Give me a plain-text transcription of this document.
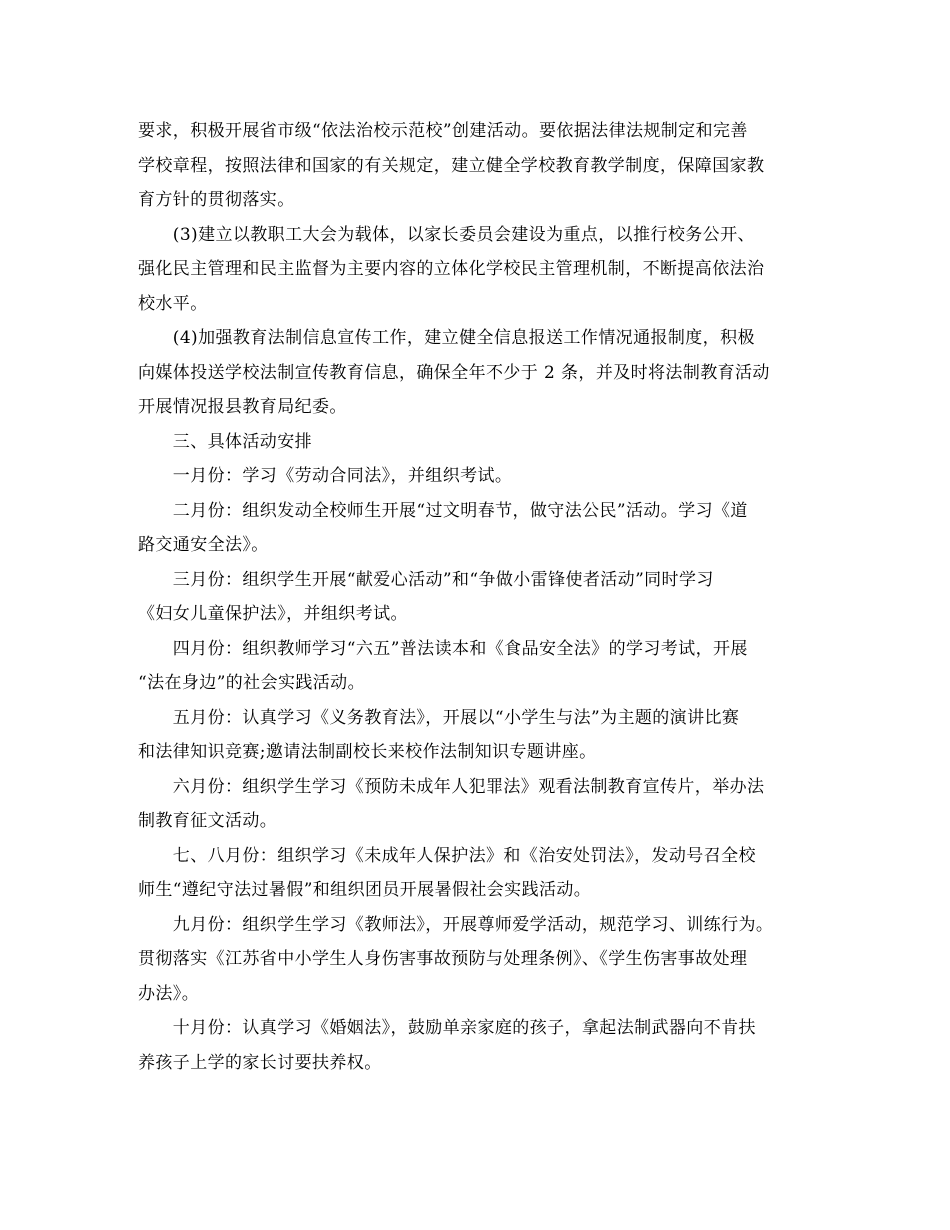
要求，积极开展省市级“依法治校示范校”创建活动。要依据法律法规制定和完善
学校章程，按照法律和国家的有关规定，建立健全学校教育教学制度，保障国家教
育方针的贯彻落实。

　　(3)建立以教职工大会为载体，以家长委员会建设为重点，以推行校务公开、
强化民主管理和民主监督为主要内容的立体化学校民主管理机制，不断提高依法治
校水平。

　　(4)加强教育法制信息宣传工作，建立健全信息报送工作情况通报制度，积极
向媒体投送学校法制宣传教育信息，确保全年不少于 2 条，并及时将法制教育活动
开展情况报县教育局纪委。

　　三、具体活动安排

　　一月份：学习《劳动合同法》，并组织考试。

　　二月份：组织发动全校师生开展“过文明春节，做守法公民”活动。学习《道
路交通安全法》。

　　三月份：组织学生开展“献爱心活动”和“争做小雷锋使者活动”同时学习
《妇女儿童保护法》，并组织考试。

　　四月份：组织教师学习“六五”普法读本和《食品安全法》的学习考试，开展
“法在身边”的社会实践活动。

　　五月份：认真学习《义务教育法》，开展以“小学生与法”为主题的演讲比赛
和法律知识竞赛;邀请法制副校长来校作法制知识专题讲座。

　　六月份：组织学生学习《预防未成年人犯罪法》观看法制教育宣传片，举办法
制教育征文活动。

　　七、八月份：组织学习《未成年人保护法》和《治安处罚法》，发动号召全校
师生“遵纪守法过暑假”和组织团员开展暑假社会实践活动。

　　九月份：组织学生学习《教师法》，开展尊师爱学活动，规范学习、训练行为。
贯彻落实《江苏省中小学生人身伤害事故预防与处理条例》、《学生伤害事故处理
办法》。

　　十月份：认真学习《婚姻法》，鼓励单亲家庭的孩子，拿起法制武器向不肯扶
养孩子上学的家长讨要扶养权。
